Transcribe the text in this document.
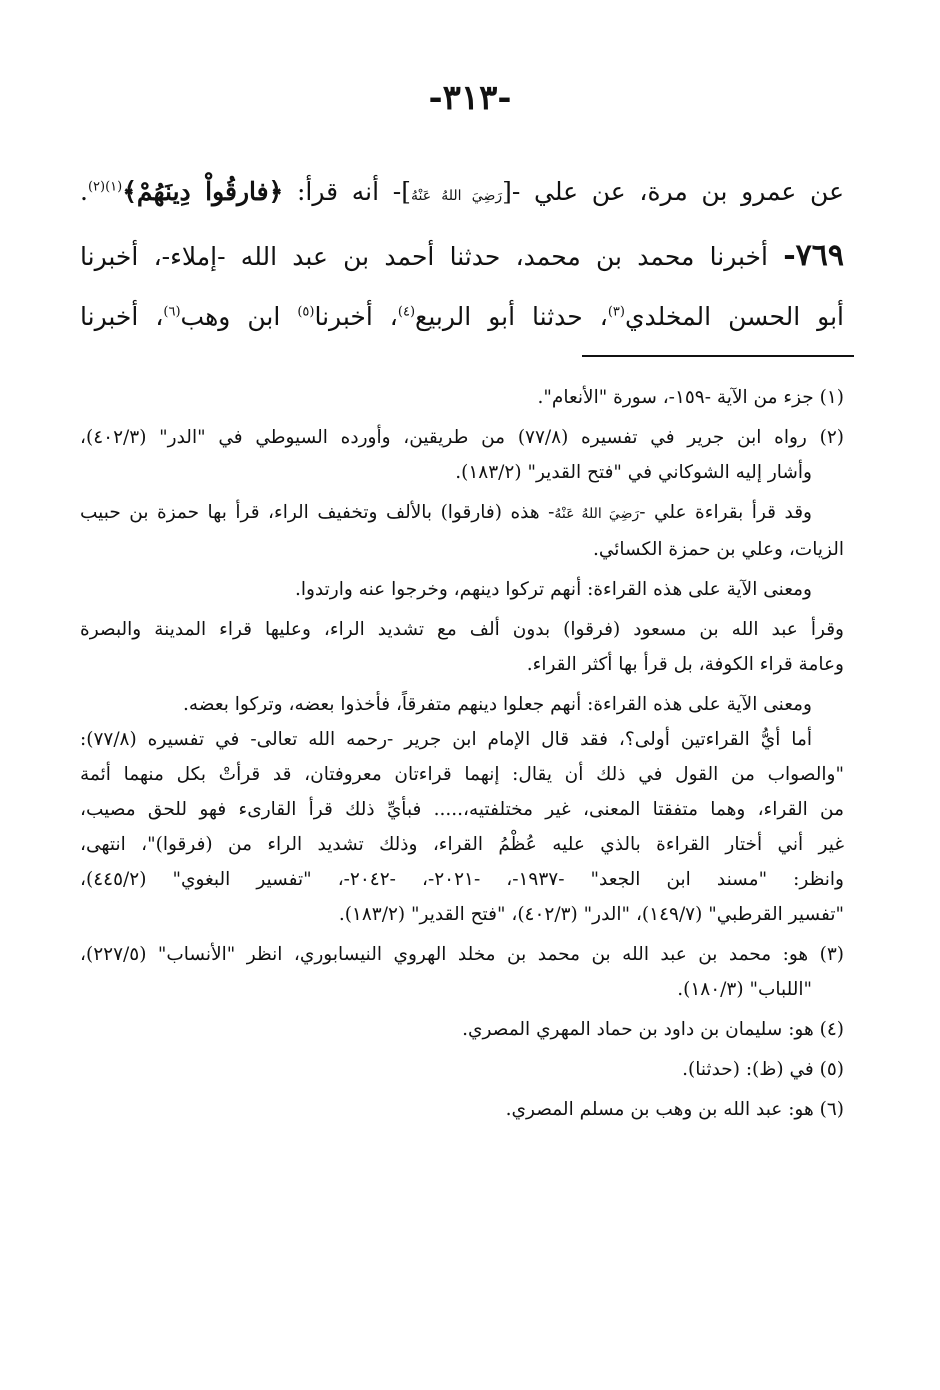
-٣١٣-
عن عمرو بن مرة، عن علي -[رَضِيَ اللهُ عَنْهُ]- أنه قرأ: ﴿فارقُواْ دِينَهُمْ﴾$^{(١)(٢)}$.
٧٦٩- أخبرنا محمد بن محمد، حدثنا أحمد بن عبد الله -إملاء-، أخبرنا
أبو الحسن المخلدي$^{(٣)}$، حدثنا أبو الربيع$^{(٤)}$، أخبرنا$^{(٥)}$ ابن وهب$^{(٦)}$، أخبرنا
(١) جزء من الآية -١٥٩-، سورة "الأنعام".
(٢) رواه ابن جرير في تفسيره (٧٧/٨) من طريقين، وأورده السيوطي في "الدر" (٤٠٢/٣)،
وأشار إليه الشوكاني في "فتح القدير" (١٨٣/٢).
وقد قرأ بقراءة علي -رَضِيَ اللهُ عَنْهُ- هذه (فارقوا) بالألف وتخفيف الراء، قرأ بها حمزة بن حبيب
الزيات، وعلي بن حمزة الكسائي.
ومعنى الآية على هذه القراءة: أنهم تركوا دينهم، وخرجوا عنه وارتدوا.
وقرأ عبد الله بن مسعود (فرقوا) بدون ألف مع تشديد الراء، وعليها قراء المدينة والبصرة
وعامة قراء الكوفة، بل قرأ بها أكثر القراء.
ومعنى الآية على هذه القراءة: أنهم جعلوا دينهم متفرقاً، فأخذوا بعضه، وتركوا بعضه.
أما أيُّ القراءتين أولى؟، فقد قال الإمام ابن جرير -رحمه الله تعالى- في تفسيره (٧٧/٨):
"والصواب من القول في ذلك أن يقال: إنهما قراءتان معروفتان، قد قرأتْ بكل منهما أئمة
من القراء، وهما متفقتا المعنى، غير مختلفتيه،..... فبأيِّ ذلك قرأ القارىء فهو للحق مصيب،
غير أني أختار القراءة بالذي عليه عُظْمُ القراء، وذلك تشديد الراء من (فرقوا)"، انتهى،
وانظر: "مسند ابن الجعد" -١٩٣٧-، -٢٠٢١-، -٢٠٤٢-، "تفسير البغوي" (٤٤٥/٢)،
"تفسير القرطبي" (١٤٩/٧)، "الدر" (٤٠٢/٣)، "فتح القدير" (١٨٣/٢).
(٣) هو: محمد بن عبد الله بن محمد بن مخلد الهروي النيسابوري، انظر "الأنساب" (٢٢٧/٥)،
"اللباب" (١٨٠/٣).
(٤) هو: سليمان بن داود بن حماد المهري المصري.
(٥) في (ظ): (حدثنا).
(٦) هو: عبد الله بن وهب بن مسلم المصري.
